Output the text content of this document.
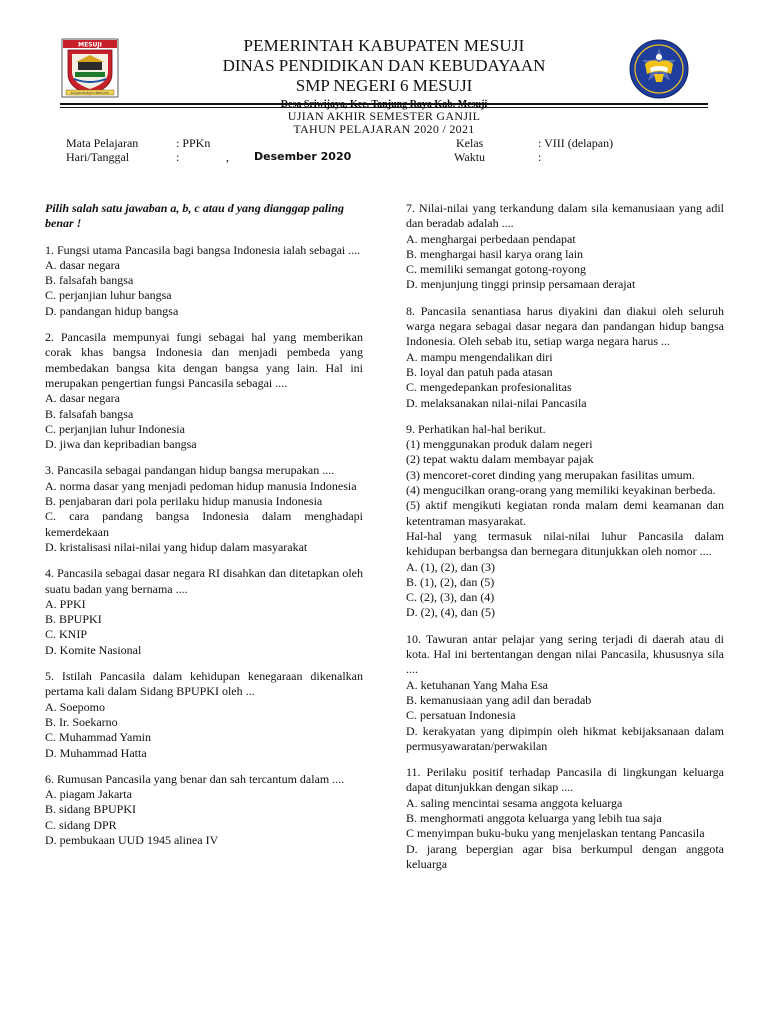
MESUJI
RAGAM BUDAYA BERSATU
PEMERINTAH KABUPATEN MESUJI
DINAS PENDIDIKAN DAN KEBUDAYAAN
SMP NEGERI 6 MESUJI
Desa Sriwijaya, Kec. Tanjung Raya Kab. Mesuji
UJIAN AKHIR SEMESTER GANJIL
TAHUN PELAJARAN 2020 / 2021
Mata Pelajaran	: PPKn	Kelas	: VIII (delapan)
Hari/Tanggal	:	, Desember 2020	Waktu	:
Pilih salah satu jawaban a, b, c atau d yang dianggap paling benar !
1. Fungsi utama Pancasila bagi bangsa Indonesia ialah sebagai ....
A. dasar negara
B. falsafah bangsa
C. perjanjian luhur bangsa
D. pandangan hidup bangsa
2. Pancasila mempunyai fungi sebagai hal yang memberikan corak khas bangsa Indonesia dan menjadi pembeda yang membedakan bangsa kita dengan bangsa yang lain. Hal ini merupakan pengertian fungsi Pancasila sebagai ....
A. dasar negara
B. falsafah bangsa
C. perjanjian luhur Indonesia
D. jiwa dan kepribadian bangsa
3. Pancasila sebagai pandangan hidup bangsa merupakan ....
A. norma dasar yang menjadi pedoman hidup manusia Indonesia
B. penjabaran dari pola perilaku hidup manusia Indonesia
C. cara pandang bangsa Indonesia dalam menghadapi kemerdekaan
D. kristalisasi nilai-nilai yang hidup dalam masyarakat
4. Pancasila sebagai dasar negara RI disahkan dan ditetapkan oleh suatu badan yang bernama ....
A. PPKI
B. BPUPKI
C. KNIP
D. Komite Nasional
5. Istilah Pancasila dalam kehidupan kenegaraan dikenalkan pertama kali dalam Sidang BPUPKI oleh ...
A. Soepomo
B. Ir. Soekarno
C. Muhammad Yamin
D. Muhammad Hatta
6. Rumusan Pancasila yang benar dan sah tercantum dalam ....
A. piagam Jakarta
B. sidang BPUPKI
C. sidang DPR
D. pembukaan UUD 1945 alinea IV
7. Nilai-nilai yang terkandung dalam sila kemanusiaan yang adil dan beradab adalah ....
A. menghargai perbedaan pendapat
B. menghargai hasil karya orang lain
C. memiliki semangat gotong-royong
D. menjunjung tinggi prinsip persamaan derajat
8. Pancasila senantiasa harus diyakini dan diakui oleh seluruh warga negara sebagai dasar negara dan pandangan hidup bangsa Indonesia. Oleh sebab itu, setiap warga negara harus ...
A. mampu mengendalikan diri
B. loyal dan patuh pada atasan
C. mengedepankan profesionalitas
D. melaksanakan nilai-nilai Pancasila
9. Perhatikan hal-hal berikut.
(1) menggunakan produk dalam negeri
(2) tepat waktu dalam membayar pajak
(3) mencoret-coret dinding yang merupakan fasilitas umum.
(4) mengucilkan orang-orang yang memiliki keyakinan berbeda.
(5) aktif mengikuti kegiatan ronda malam demi keamanan dan ketentraman masyarakat.
Hal-hal yang termasuk nilai-nilai luhur Pancasila dalam kehidupan berbangsa dan bernegara ditunjukkan oleh nomor ....
A. (1), (2), dan (3)
B. (1), (2), dan (5)
C. (2), (3), dan (4)
D. (2), (4), dan (5)
10. Tawuran antar pelajar yang sering terjadi di daerah atau di kota. Hal ini bertentangan dengan nilai Pancasila, khususnya sila ....
A. ketuhanan Yang Maha Esa
B. kemanusiaan yang adil dan beradab
C. persatuan Indonesia
D. kerakyatan yang dipimpin oleh hikmat kebijaksanaan dalam permusyawaratan/perwakilan
11. Perilaku positif terhadap Pancasila di lingkungan keluarga dapat ditunjukkan dengan sikap ....
A. saling mencintai sesama anggota keluarga
B. menghormati anggota keluarga yang lebih tua saja
C menyimpan buku-buku yang menjelaskan tentang Pancasila
D. jarang bepergian agar bisa berkumpul dengan anggota keluarga
